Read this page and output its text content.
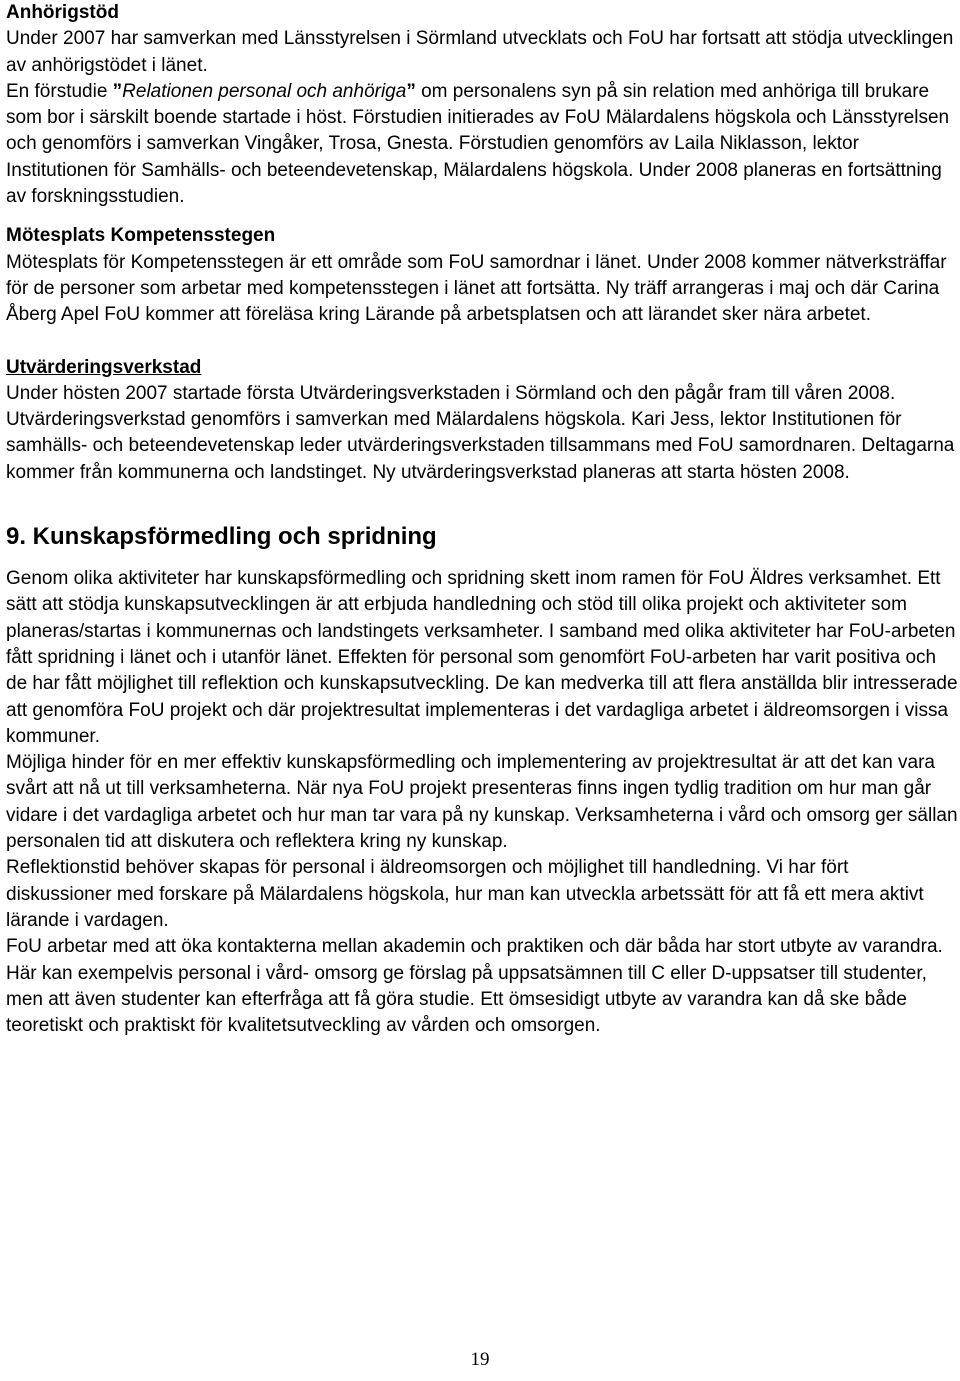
Anhörigstöd

Under 2007 har samverkan med Länsstyrelsen i Sörmland utvecklats och FoU har fortsatt att stödja utvecklingen av anhörigstödet i länet.

En förstudie ”Relationen personal och anhöriga” om personalens syn på sin relation med anhöriga till brukare som bor i särskilt boende startade i höst. Förstudien initierades av FoU Mälardalens högskola och Länsstyrelsen och genomförs i samverkan Vingåker, Trosa, Gnesta. Förstudien genomförs av Laila Niklasson, lektor Institutionen för Samhälls- och beteendevetenskap, Mälardalens högskola. Under 2008 planeras en fortsättning av forskningsstudien.

Mötesplats Kompetensstegen

Mötesplats för Kompetensstegen är ett område som FoU samordnar i länet. Under 2008 kommer nätverksträffar för de personer som arbetar med kompetensstegen i länet att fortsätta. Ny träff arrangeras i maj och där Carina Åberg Apel FoU kommer att föreläsa kring Lärande på arbetsplatsen och att lärandet sker nära arbetet.

Utvärderingsverkstad

Under hösten 2007 startade första Utvärderingsverkstaden i Sörmland och den pågår fram till våren 2008. Utvärderingsverkstad genomförs i samverkan med Mälardalens högskola. Kari Jess, lektor Institutionen för samhälls- och beteendevetenskap leder utvärderingsverkstaden tillsammans med FoU samordnaren. Deltagarna kommer från kommunerna och landstinget. Ny utvärderingsverkstad planeras att starta hösten 2008.

9. Kunskapsförmedling och spridning

Genom olika aktiviteter har kunskapsförmedling och spridning skett inom ramen för FoU Äldres verksamhet. Ett sätt att stödja kunskapsutvecklingen är att erbjuda handledning och stöd till olika projekt och aktiviteter som planeras/startas i kommunernas och landstingets verksamheter. I samband med olika aktiviteter har FoU-arbeten fått spridning i länet och i utanför länet. Effekten för personal som genomfört FoU-arbeten har varit positiva och de har fått möjlighet till reflektion och kunskapsutveckling. De kan medverka till att flera anställda blir intresserade att genomföra FoU projekt och där projektresultat implementeras i det vardagliga arbetet i äldreomsorgen i vissa kommuner.

Möjliga hinder för en mer effektiv kunskapsförmedling och implementering av projektresultat är att det kan vara svårt att nå ut till verksamheterna. När nya FoU projekt presenteras finns ingen tydlig tradition om hur man går vidare i det vardagliga arbetet och hur man tar vara på ny kunskap. Verksamheterna i vård och omsorg ger sällan personalen tid att diskutera och reflektera kring ny kunskap.

Reflektionstid behöver skapas för personal i äldreomsorgen och möjlighet till handledning. Vi har fört diskussioner med forskare på Mälardalens högskola, hur man kan utveckla arbetssätt för att få ett mera aktivt lärande i vardagen.

FoU arbetar med att öka kontakterna mellan akademin och praktiken och där båda har stort utbyte av varandra. Här kan exempelvis personal i vård- omsorg ge förslag på uppsatsämnen till C eller D-uppsatser till studenter, men att även studenter kan efterfråga att få göra studie. Ett ömsesidigt utbyte av varandra kan då ske både teoretiskt och praktiskt för kvalitetsutveckling av vården och omsorgen.

19
